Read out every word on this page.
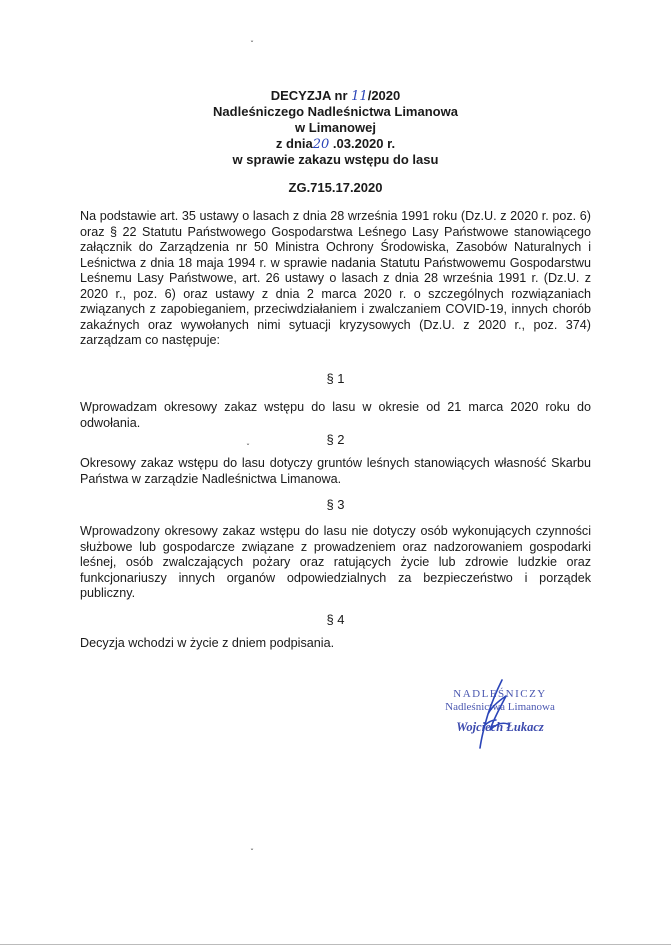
ˇ
DECYZJA nr 11/2020
Nadleśniczego Nadleśnictwa Limanowa
w Limanowej
z dnia20 .03.2020 r.
w sprawie zakazu wstępu do lasu
ZG.715.17.2020
Na podstawie art. 35 ustawy o lasach z dnia 28 września 1991 roku (Dz.U. z 2020 r. poz. 6) oraz § 22 Statutu Państwowego Gospodarstwa Leśnego Lasy Państwowe stanowiącego załącznik do Zarządzenia nr 50 Ministra Ochrony Środowiska, Zasobów Naturalnych i Leśnictwa z dnia 18 maja 1994 r. w sprawie nadania Statutu Państwowemu Gospodarstwu Leśnemu Lasy Państwowe, art. 26 ustawy o lasach z dnia 28 września 1991 r. (Dz.U. z 2020 r., poz. 6) oraz ustawy z dnia 2 marca 2020 r. o szczególnych rozwiązaniach związanych z zapobieganiem, przeciwdziałaniem i zwalczaniem COVID-19, innych chorób zakaźnych oraz wywołanych nimi sytuacji kryzysowych (Dz.U. z 2020 r., poz. 374) zarządzam co następuje:
§ 1
Wprowadzam okresowy zakaz wstępu do lasu w okresie od 21 marca 2020 roku do odwołania.
ˇ
§ 2
Okresowy zakaz wstępu do lasu dotyczy gruntów leśnych stanowiących własność Skarbu Państwa w zarządzie Nadleśnictwa Limanowa.
§ 3
Wprowadzony okresowy zakaz wstępu do lasu nie dotyczy osób wykonujących czynności służbowe lub gospodarcze związane z prowadzeniem oraz nadzorowaniem gospodarki leśnej, osób zwalczających pożary oraz ratujących życie lub zdrowie ludzkie oraz funkcjonariuszy innych organów odpowiedzialnych za bezpieczeństwo i porządek publiczny.
§ 4
Decyzja wchodzi w życie z dniem podpisania.
NADLEŚNICZY
Nadleśnictwa Limanowa
Wojciech Łukacz
ˇ
